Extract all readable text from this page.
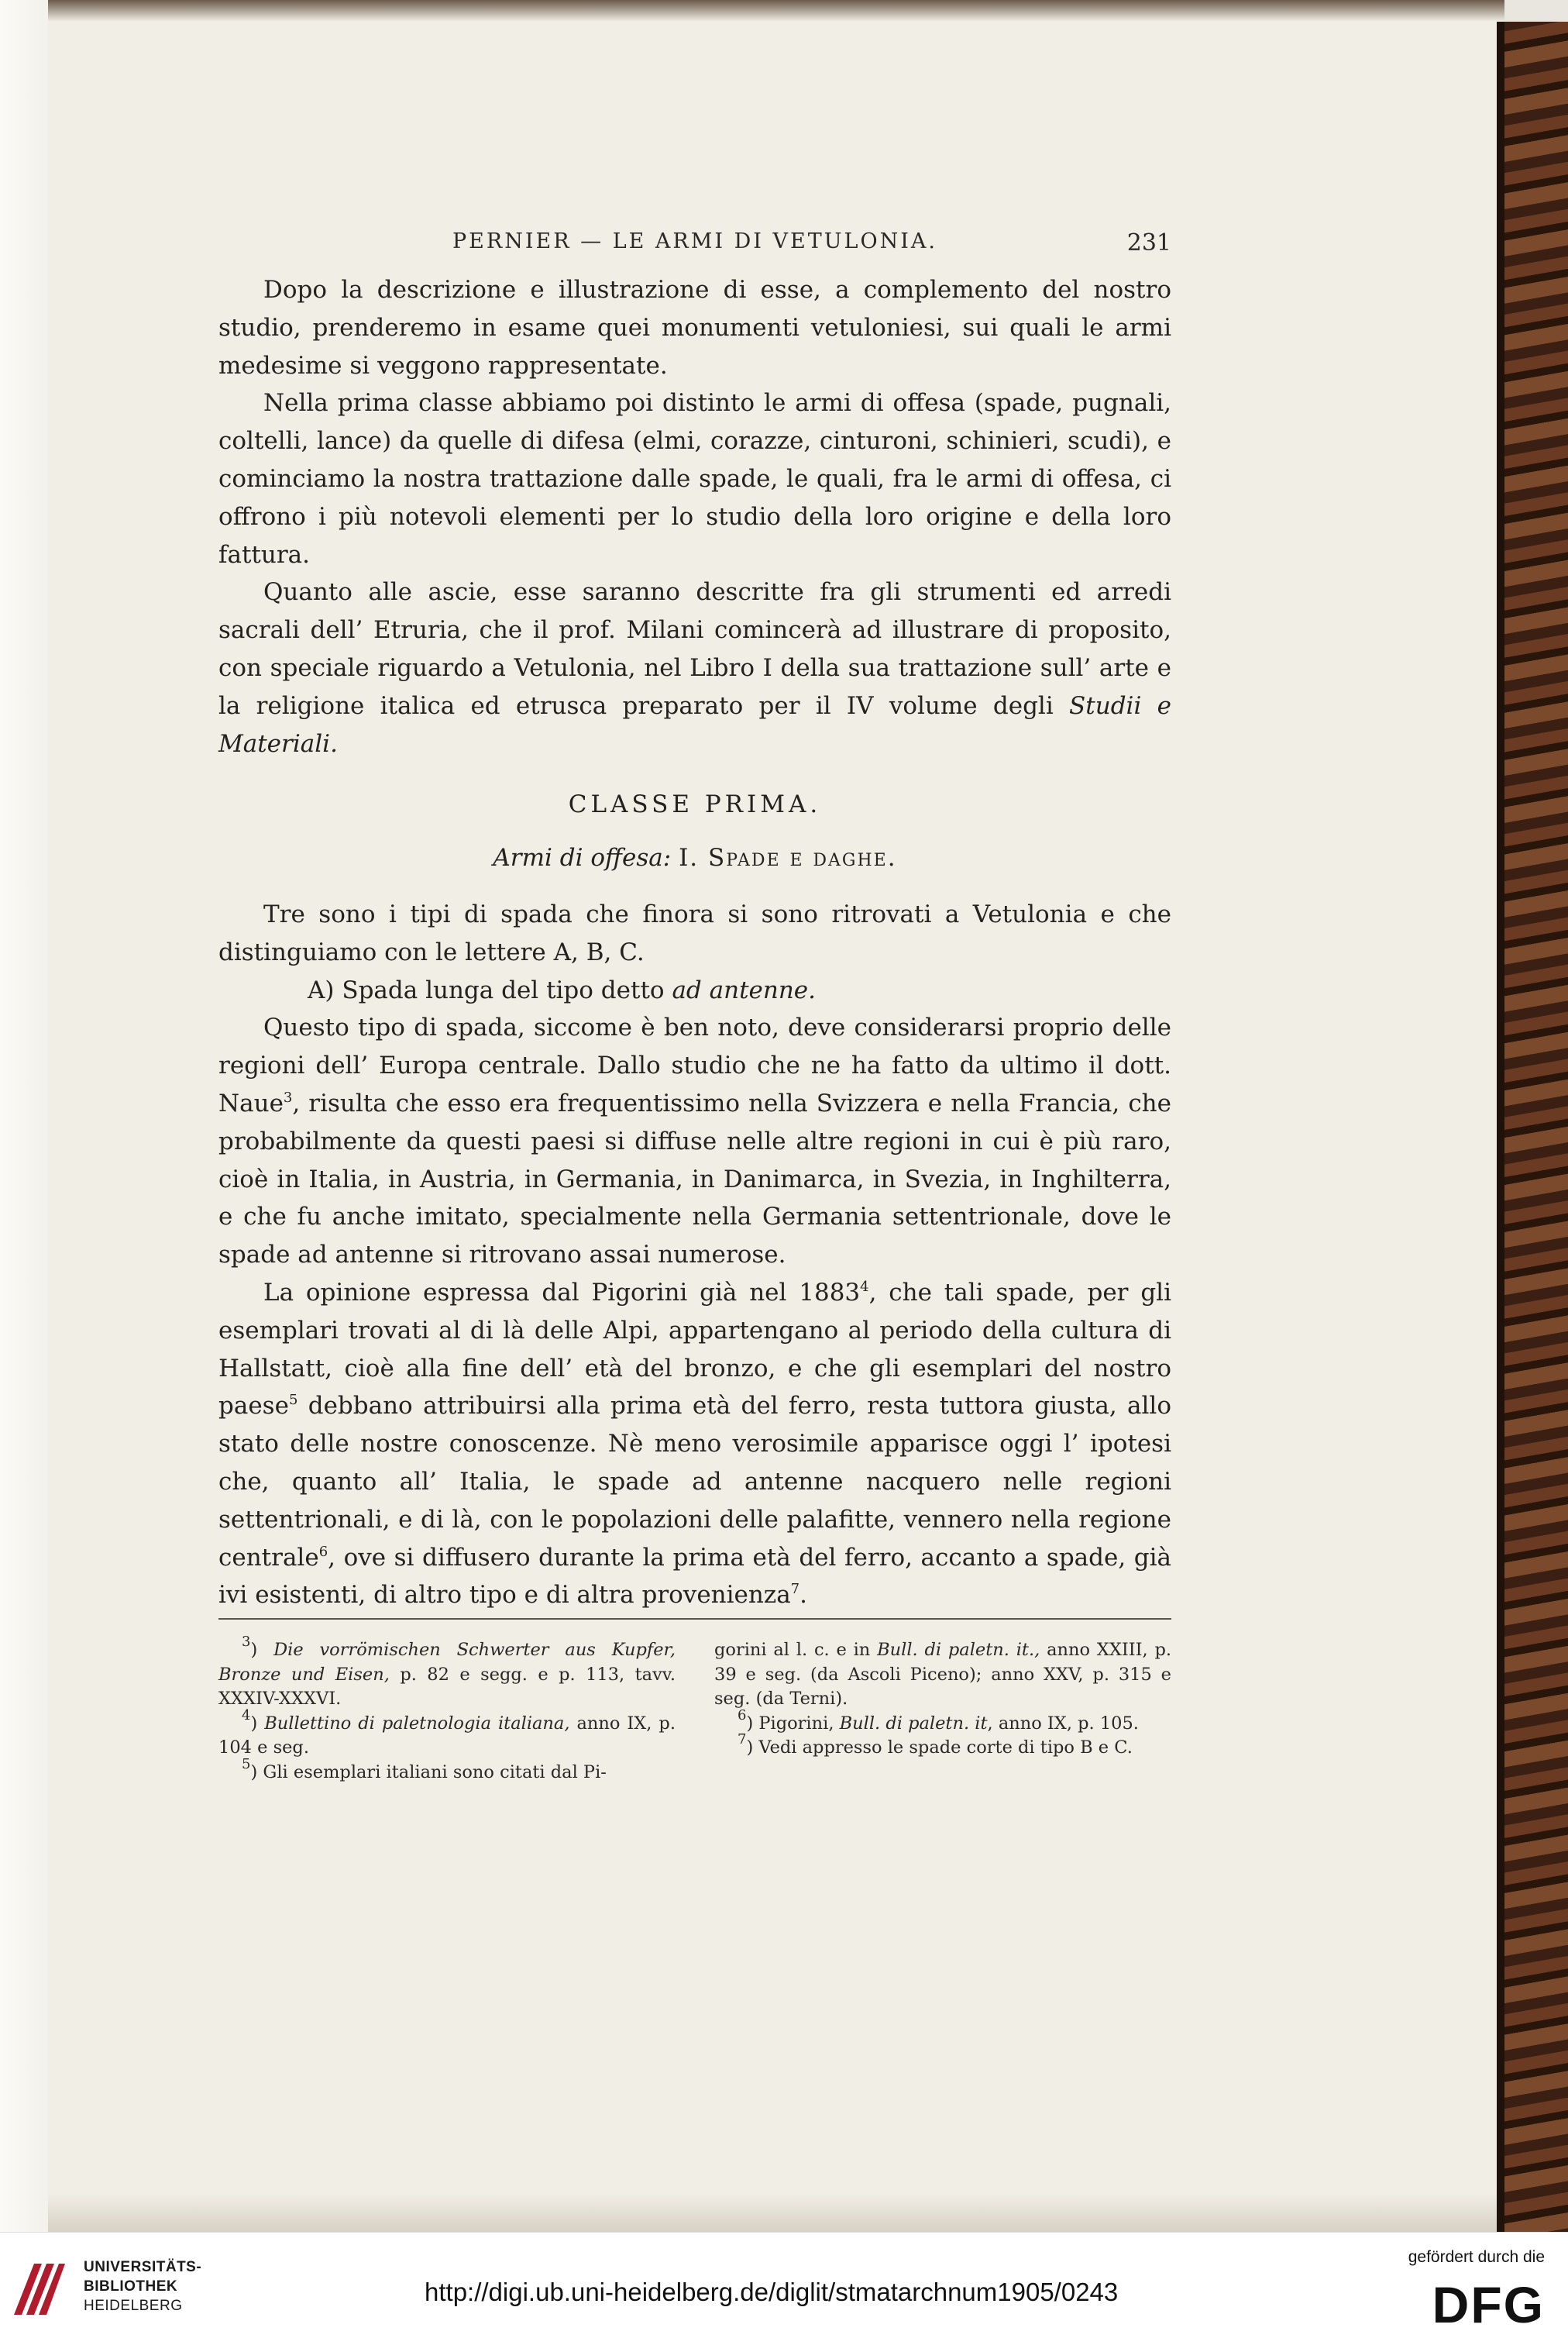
PERNIER — LE ARMI DI VETULONIA.	231

Dopo la descrizione e illustrazione di esse, a complemento del nostro studio, prenderemo in esame quei monumenti vetuloniesi, sui quali le armi medesime si veggono rappresentate.

Nella prima classe abbiamo poi distinto le armi di offesa (spade, pugnali, coltelli, lance) da quelle di difesa (elmi, corazze, cinturoni, schinieri, scudi), e cominciamo la nostra trattazione dalle spade, le quali, fra le armi di offesa, ci offrono i più notevoli elementi per lo studio della loro origine e della loro fattura.

Quanto alle ascie, esse saranno descritte fra gli strumenti ed arredi sacrali dell’ Etruria, che il prof. Milani comincerà ad illustrare di proposito, con speciale riguardo a Vetulonia, nel Libro I della sua trattazione sull’ arte e la religione italica ed etrusca preparato per il IV volume degli Studii e Materiali.

CLASSE PRIMA.

Armi di offesa: I. Spade e daghe.

Tre sono i tipi di spada che finora si sono ritrovati a Vetulonia e che distinguiamo con le lettere A, B, C.

A) Spada lunga del tipo detto ad antenne.

Questo tipo di spada, siccome è ben noto, deve considerarsi proprio delle regioni dell’ Europa centrale. Dallo studio che ne ha fatto da ultimo il dott. Naue$^3$, risulta che esso era frequentissimo nella Svizzera e nella Francia, che probabilmente da questi paesi si diffuse nelle altre regioni in cui è più raro, cioè in Italia, in Austria, in Germania, in Danimarca, in Svezia, in Inghilterra, e che fu anche imitato, specialmente nella Germania settentrionale, dove le spade ad antenne si ritrovano assai numerose.

La opinione espressa dal Pigorini già nel 1883$^4$, che tali spade, per gli esemplari trovati al di là delle Alpi, appartengano al periodo della cultura di Hallstatt, cioè alla fine dell’ età del bronzo, e che gli esemplari del nostro paese$^5$ debbano attribuirsi alla prima età del ferro, resta tuttora giusta, allo stato delle nostre conoscenze. Nè meno verosimile apparisce oggi l’ ipotesi che, quanto all’ Italia, le spade ad antenne nacquero nelle regioni settentrionali, e di là, con le popolazioni delle palafitte, vennero nella regione centrale$^6$, ove si diffusero durante la prima età del ferro, accanto a spade, già ivi esistenti, di altro tipo e di altra provenienza$^7$.

$^3$) Die vorrömischen Schwerter aus Kupfer, Bronze und Eisen, p. 82 e segg. e p. 113, tavv. XXXIV-XXXVI.

$^4$) Bullettino di paletnologia italiana, anno IX, p. 104 e seg.

$^5$) Gli esemplari italiani sono citati dal Pi-

gorini al l. c. e in Bull. di paletn. it., anno XXIII, p. 39 e seg. (da Ascoli Piceno); anno XXV, p. 315 e seg. (da Terni).

$^6$) Pigorini, Bull. di paletn. it, anno IX, p. 105.

$^7$) Vedi appresso le spade corte di tipo B e C.

UNIVERSITÄTS-
BIBLIOTHEK
HEIDELBERG	http://digi.ub.uni-heidelberg.de/diglit/stmatarchnum1905/0243
gefördert durch die
DFG
